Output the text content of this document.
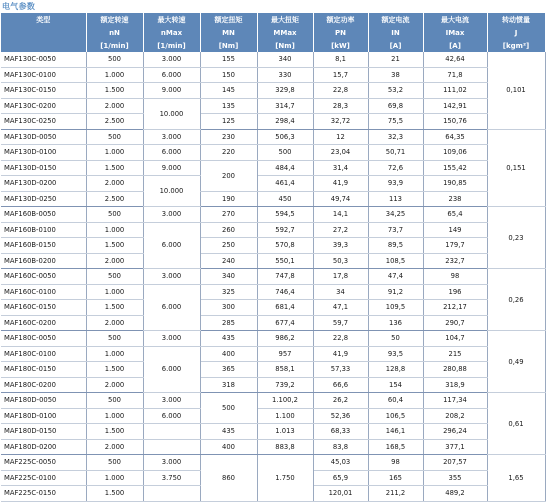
电气参数
类型	额定转速	最大转速	额定扭矩	最大扭矩	额定功率	额定电流	最大电流	转动惯量
	nN	nMax	MN	MMax	PN	IN	IMax	J
	[1/min]	[1/min]	[Nm]	[Nm]	[kW]	[A]	[A]	[kgm²]
MAF130C-0050	500	3.000	155	340	8,1	21	42,64	0,101
MAF130C-0100	1.000	6.000	150	330	15,7	38	71,8	
MAF130C-0150	1.500	9.000	145	329,8	22,8	53,2	111,02	
MAF130C-0200	2.000	10.000	135	314,7	28,3	69,8	142,91	
MAF130C-0250	2.500		125	298,4	32,72	75,5	150,76	
MAF130D-0050	500	3.000	230	506,3	12	32,3	64,35	0,151
MAF130D-0100	1.000	6.000	220	500	23,04	50,71	109,06	
MAF130D-0150	1.500	9.000	200	484,4	31,4	72,6	155,42	
MAF130D-0200	2.000	10.000		461,4	41,9	93,9	190,85	
MAF130D-0250	2.500		190	450	49,74	113	238	
MAF160B-0050	500	3.000	270	594,5	14,1	34,25	65,4	0,23
MAF160B-0100	1.000	6.000	260	592,7	27,2	73,7	149	
MAF160B-0150	1.500		250	570,8	39,3	89,5	179,7	
MAF160B-0200	2.000		240	550,1	50,3	108,5	232,7	
MAF160C-0050	500	3.000	340	747,8	17,8	47,4	98	0,26
MAF160C-0100	1.000	6.000	325	746,4	34	91,2	196	
MAF160C-0150	1.500		300	681,4	47,1	109,5	212,17	
MAF160C-0200	2.000		285	677,4	59,7	136	290,7	
MAF180C-0050	500	3.000	435	986,2	22,8	50	104,7	0,49
MAF180C-0100	1.000	6.000	400	957	41,9	93,5	215	
MAF180C-0150	1.500		365	858,1	57,33	128,8	280,88	
MAF180C-0200	2.000		318	739,2	66,6	154	318,9	
MAF180D-0050	500	3.000	500	1.100,2	26,2	60,4	117,34	0,61
MAF180D-0100	1.000	6.000		1.100	52,36	106,5	208,2	
MAF180D-0150	1.500		435	1.013	68,33	146,1	296,24	
MAF180D-0200	2.000		400	883,8	83,8	168,5	377,1	
MAF225C-0050	500	3.000	860	1.750	45,03	98	207,57	1,65
MAF225C-0100	1.000	3.750			65,9	165	355	
MAF225C-0150	1.500				120,01	211,2	489,2	
